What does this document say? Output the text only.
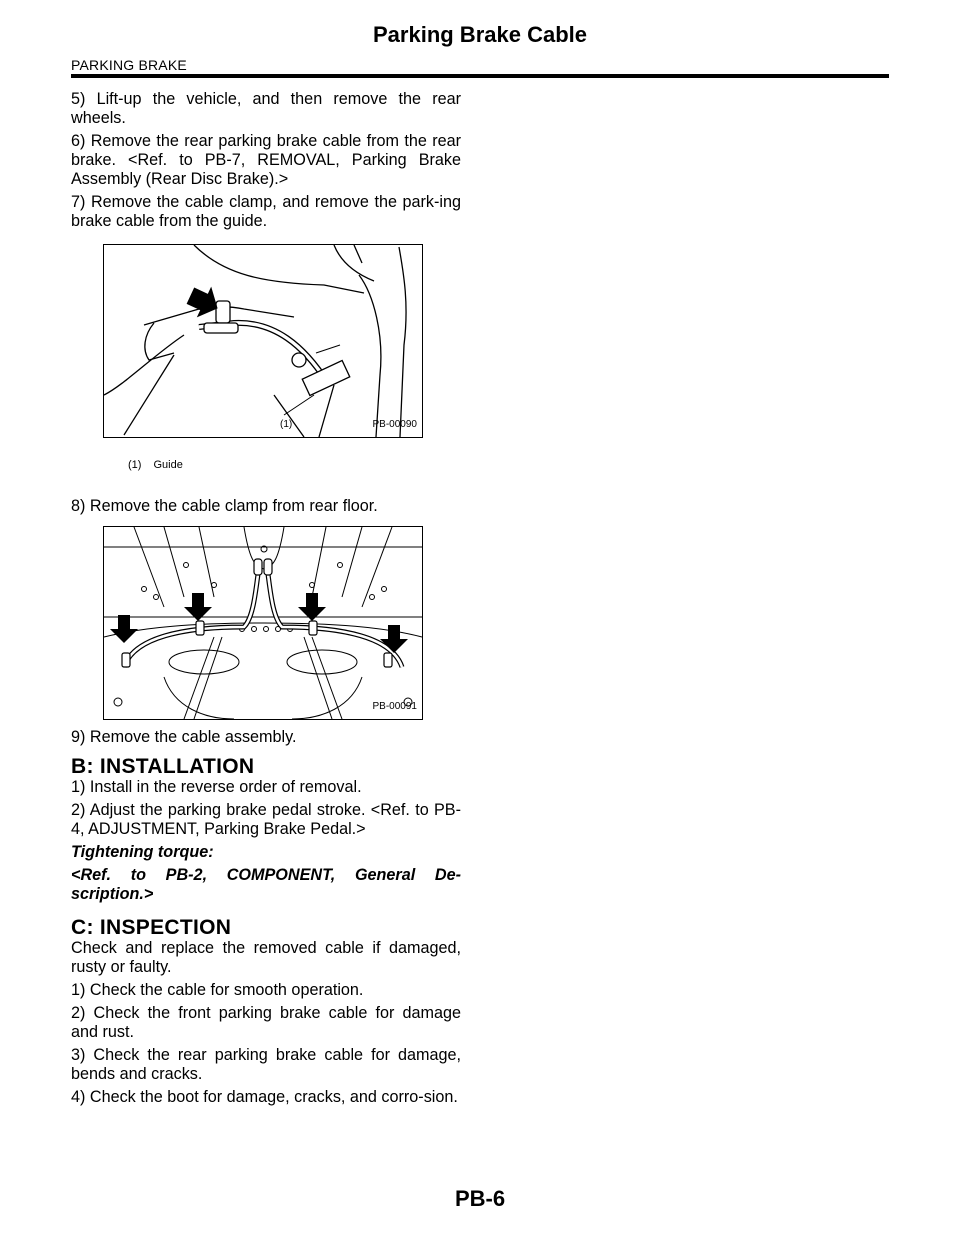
Parking Brake Cable
PARKING BRAKE

5) Lift-up the vehicle, and then remove the rear wheels.

6) Remove the rear parking brake cable from the rear brake. <Ref. to PB-7, REMOVAL, Parking Brake Assembly (Rear Disc Brake).>

7) Remove the cable clamp, and remove the park-ing brake cable from the guide.

(1)	PB-00090
(1) Guide

8) Remove the cable clamp from rear floor.

PB-00091

9) Remove the cable assembly.

B: INSTALLATION

1) Install in the reverse order of removal.

2) Adjust the parking brake pedal stroke. <Ref. to PB-4, ADJUSTMENT, Parking Brake Pedal.>

Tightening torque:

<Ref. to PB-2, COMPONENT, General De-scription.>

C: INSPECTION

Check and replace the removed cable if damaged, rusty or faulty.

1) Check the cable for smooth operation.

2) Check the front parking brake cable for damage and rust.

3) Check the rear parking brake cable for damage, bends and cracks.

4) Check the boot for damage, cracks, and corro-sion.

PB-6
